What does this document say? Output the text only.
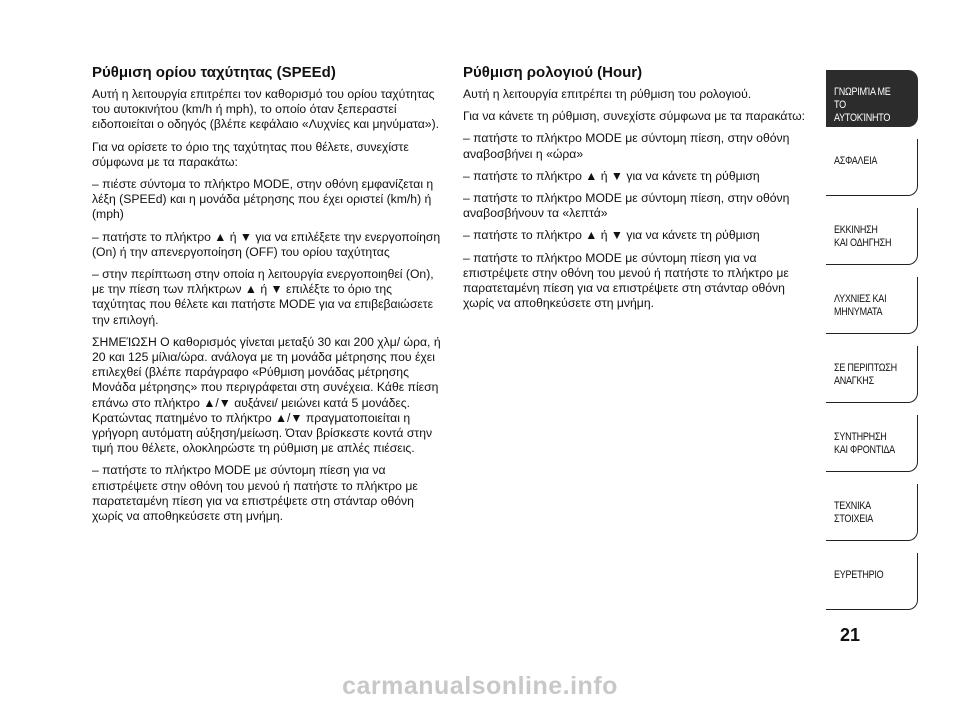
Ρύθμιση ορίου ταχύτητας (SPEEd)

Αυτή η λειτουργία επιτρέπει τον καθορισμό του ορίου ταχύτητας του αυτοκινήτου (km/h ή mph), το οποίο όταν ξεπεραστεί ειδοποιείται ο οδηγός (βλέπε κεφάλαιο «Λυχνίες και μηνύματα»).

Για να ορίσετε το όριο της ταχύτητας που θέλετε, συνεχίστε σύμφωνα με τα παρακάτω:

– πιέστε σύντομα το πλήκτρο MODE, στην οθόνη εμφανίζεται η λέξη (SPEEd) και η μονάδα μέτρησης που έχει οριστεί (km/h) ή (mph)

– πατήστε το πλήκτρο ▲ ή ▼ για να επιλέξετε την ενεργοποίηση (On) ή την απενεργοποίηση (OFF) του ορίου ταχύτητας

– στην περίπτωση στην οποία η λειτουργία ενεργοποιηθεί (On), με την πίεση των πλήκτρων ▲ ή ▼ επιλέξτε το όριο της ταχύτητας που θέλετε και πατήστε MODE για να επιβεβαιώσετε την επιλογή.

ΣΗΜΕΊΩΣΗ Ο καθορισμός γίνεται μεταξύ 30 και 200 χλμ/ ώρα, ή 20 και 125 μίλια/ώρα. ανάλογα με τη μονάδα μέτρησης που έχει επιλεχθεί (βλέπε παράγραφο «Ρύθμιση μονάδας μέτρησης Μονάδα μέτρησης» που περιγράφεται στη συνέχεια. Κάθε πίεση επάνω στο πλήκτρο ▲/▼ αυξάνει/ μειώνει κατά 5 μονάδες. Κρατώντας πατημένο το πλήκτρο ▲/▼ πραγματοποιείται η γρήγορη αυτόματη αύξηση/μείωση. Όταν βρίσκεστε κοντά στην τιμή που θέλετε, ολοκληρώστε τη ρύθμιση με απλές πιέσεις.

– πατήστε το πλήκτρο MODE με σύντομη πίεση για να επιστρέψετε στην οθόνη του μενού ή πατήστε το πλήκτρο με παρατεταμένη πίεση για να επιστρέψετε στη στάνταρ οθόνη χωρίς να αποθηκεύσετε στη μνήμη.

Ρύθμιση ρολογιού (Hour)

Αυτή η λειτουργία επιτρέπει τη ρύθμιση του ρολογιού.

Για να κάνετε τη ρύθμιση, συνεχίστε σύμφωνα με τα παρακάτω:

– πατήστε το πλήκτρο MODE με σύντομη πίεση, στην οθόνη αναβοσβήνει η «ώρα»

– πατήστε το πλήκτρο ▲ ή ▼ για να κάνετε τη ρύθμιση

– πατήστε το πλήκτρο MODE με σύντομη πίεση, στην οθόνη αναβοσβήνουν τα «λεπτά»

– πατήστε το πλήκτρο ▲ ή ▼ για να κάνετε τη ρύθμιση

– πατήστε το πλήκτρο MODE με σύντομη πίεση για να επιστρέψετε στην οθόνη του μενού ή πατήστε το πλήκτρο με παρατεταμένη πίεση για να επιστρέψετε στη στάνταρ οθόνη χωρίς να αποθηκεύσετε στη μνήμη.

ΓΝΩΡΙΜΊΑ ΜΕ
ΤΟ ΑΥΤΟΚΊΝΗΤΟ
ΑΣΦΑΛΕΙΑ
ΕΚΚΙΝΗΣΗ
ΚΑΙ ΟΔΗΓΗΣΗ
ΛΥΧΝΙΕΣ ΚΑΙ
ΜΗΝΥΜΑΤΑ
ΣΕ ΠΕΡΙΠΤΩΣΗ
ΑΝΑΓΚΗΣ
ΣΥΝΤΗΡΗΣΗ
ΚΑΙ ΦΡΟΝΤΙΔΑ
ΤΕΧΝΙΚΑ
ΣΤΟΙΧΕΙΑ
ΕΥΡΕΤΗΡΙΟ
21
carmanualsonline.info
